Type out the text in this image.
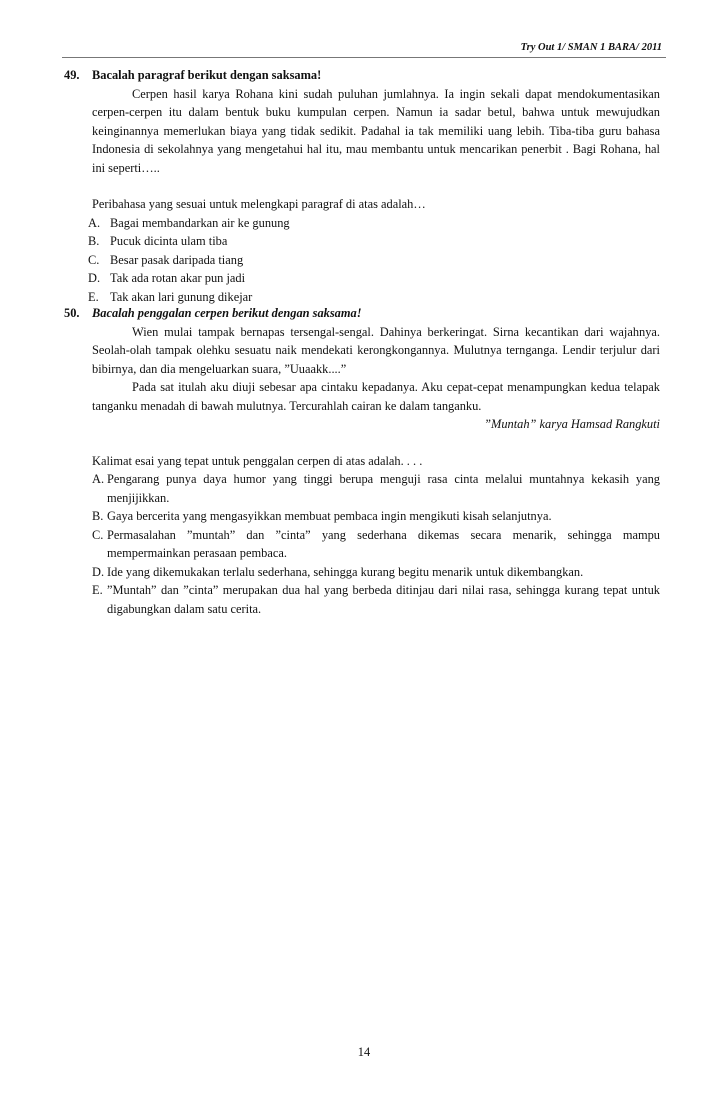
Try Out 1/ SMAN 1 BARA/ 2011
49. Bacalah paragraf berikut dengan saksama!

Cerpen hasil karya Rohana kini sudah puluhan jumlahnya. Ia ingin sekali dapat mendokumentasikan cerpen-cerpen itu dalam bentuk buku kumpulan cerpen. Namun ia sadar betul, bahwa untuk mewujudkan keinginannya memerlukan biaya yang tidak sedikit. Padahal ia tak memiliki uang lebih. Tiba-tiba guru bahasa Indonesia di sekolahnya yang mengetahui hal itu, mau membantu untuk mencarikan penerbit . Bagi Rohana, hal ini seperti…..

Peribahasa yang sesuai untuk melengkapi paragraf di atas adalah…

A. Bagai membandarkan air ke gunung
B. Pucuk dicinta ulam tiba
C. Besar pasak daripada tiang
D. Tak ada rotan akar pun jadi
E. Tak akan lari gunung dikejar
50. Bacalah penggalan cerpen berikut dengan saksama!

Wien mulai tampak bernapas tersengal-sengal. Dahinya berkeringat. Sirna kecantikan dari wajahnya. Seolah-olah tampak olehku sesuatu naik mendekati kerongkongannya. Mulutnya ternganga. Lendir terjulur dari bibirnya, dan dia mengeluarkan suara, ”Uuaakk....”

Pada sat itulah aku diuji sebesar apa cintaku kepadanya. Aku cepat-cepat menampungkan kedua telapak tanganku menadah di bawah mulutnya. Tercurahlah cairan ke dalam tanganku.

”Muntah” karya Hamsad Rangkuti

Kalimat esai yang tepat untuk penggalan cerpen di atas adalah. . . .

A. Pengarang punya daya humor yang tinggi berupa menguji rasa cinta melalui muntahnya kekasih yang menjijikkan.
B. Gaya bercerita yang mengasyikkan membuat pembaca ingin mengikuti kisah selanjutnya.
C. Permasalahan ”muntah” dan ”cinta” yang sederhana dikemas secara menarik, sehingga mampu mempermainkan perasaan pembaca.
D. Ide yang dikemukakan terlalu sederhana, sehingga kurang begitu menarik untuk dikembangkan.
E. ”Muntah” dan ”cinta” merupakan dua hal yang berbeda ditinjau dari nilai rasa, sehingga kurang tepat untuk digabungkan dalam satu cerita.
14
